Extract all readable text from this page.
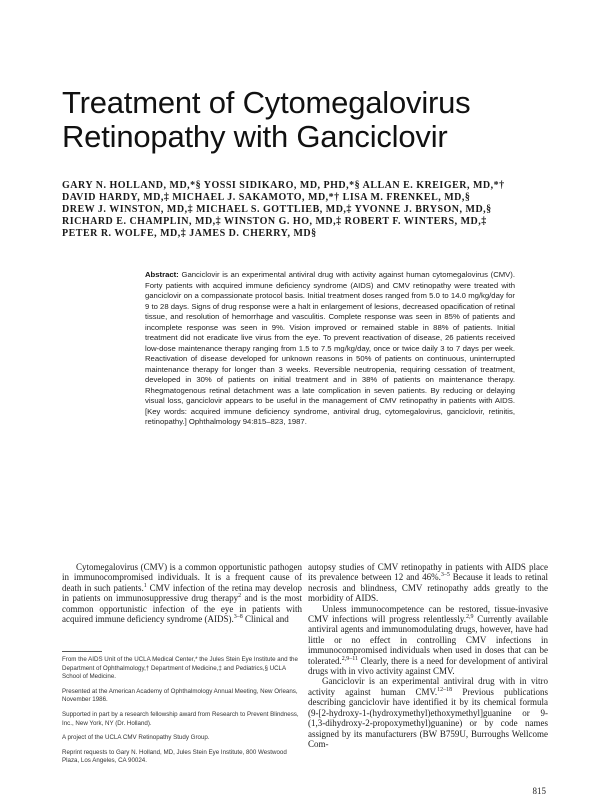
Treatment of Cytomegalovirus
Retinopathy with Ganciclovir
GARY N. HOLLAND, MD,*§ YOSSI SIDIKARO, MD, PHD,*§ ALLAN E. KREIGER, MD,*†
DAVID HARDY, MD,‡ MICHAEL J. SAKAMOTO, MD,*† LISA M. FRENKEL, MD,§
DREW J. WINSTON, MD,‡ MICHAEL S. GOTTLIEB, MD,‡ YVONNE J. BRYSON, MD,§
RICHARD E. CHAMPLIN, MD,‡ WINSTON G. HO, MD,‡ ROBERT F. WINTERS, MD,‡
PETER R. WOLFE, MD,‡ JAMES D. CHERRY, MD§
Abstract: Ganciclovir is an experimental antiviral drug with activity against human cytomegalovirus (CMV). Forty patients with acquired immune deficiency syndrome (AIDS) and CMV retinopathy were treated with ganciclovir on a compassionate protocol basis. Initial treatment doses ranged from 5.0 to 14.0 mg/kg/day for 9 to 28 days. Signs of drug response were a halt in enlargement of lesions, decreased opacification of retinal tissue, and resolution of hemorrhage and vasculitis. Complete response was seen in 85% of patients and incomplete response was seen in 9%. Vision improved or remained stable in 88% of patients. Initial treatment did not eradicate live virus from the eye. To prevent reactivation of disease, 26 patients received low-dose maintenance therapy ranging from 1.5 to 7.5 mg/kg/day, once or twice daily 3 to 7 days per week. Reactivation of disease developed for unknown reasons in 50% of patients on continuous, uninterrupted maintenance therapy for longer than 3 weeks. Reversible neutropenia, requiring cessation of treatment, developed in 30% of patients on initial treatment and in 38% of patients on maintenance therapy. Rhegmatogenous retinal detachment was a late complication in seven patients. By reducing or delaying visual loss, ganciclovir appears to be useful in the management of CMV retinopathy in patients with AIDS. [Key words: acquired immune deficiency syndrome, antiviral drug, cytomegalovirus, ganciclovir, retinitis, retinopathy.] Ophthalmology 94:815–823, 1987.

Cytomegalovirus (CMV) is a common opportunistic pathogen in immunocompromised individuals. It is a frequent cause of death in such patients.$^1$ CMV infection of the retina may develop in patients on immunosuppressive drug therapy$^2$ and is the most common opportunistic infection of the eye in patients with acquired immune deficiency syndrome (AIDS).$^{3-8}$ Clinical and

From the AIDS Unit of the UCLA Medical Center,* the Jules Stein Eye Institute and the Department of Ophthalmology,† Department of Medicine,‡ and Pediatrics,§ UCLA School of Medicine.

Presented at the American Academy of Ophthalmology Annual Meeting, New Orleans, November 1986.

Supported in part by a research fellowship award from Research to Prevent Blindness, Inc., New York, NY (Dr. Holland).

A project of the UCLA CMV Retinopathy Study Group.

Reprint requests to Gary N. Holland, MD, Jules Stein Eye Institute, 800 Westwood Plaza, Los Angeles, CA 90024.

autopsy studies of CMV retinopathy in patients with AIDS place its prevalence between 12 and 46%.$^{3-5}$ Because it leads to retinal necrosis and blindness, CMV retinopathy adds greatly to the morbidity of AIDS.

Unless immunocompetence can be restored, tissue-invasive CMV infections will progress relentlessly.$^{2,9}$ Currently available antiviral agents and immunomodulating drugs, however, have had little or no effect in controlling CMV infections in immunocompromised individuals when used in doses that can be tolerated.$^{2,9-11}$ Clearly, there is a need for development of antiviral drugs with in vivo activity against CMV.

Ganciclovir is an experimental antiviral drug with in vitro activity against human CMV.$^{12-18}$ Previous publications describing ganciclovir have identified it by its chemical formula (9-[2-hydroxy-1-(hydroxymethyl)ethoxymethyl]guanine or 9-(1,3-dihydroxy-2-propoxymethyl)guanine) or by code names assigned by its manufacturers (BW B759U, Burroughs Wellcome Com-

815
